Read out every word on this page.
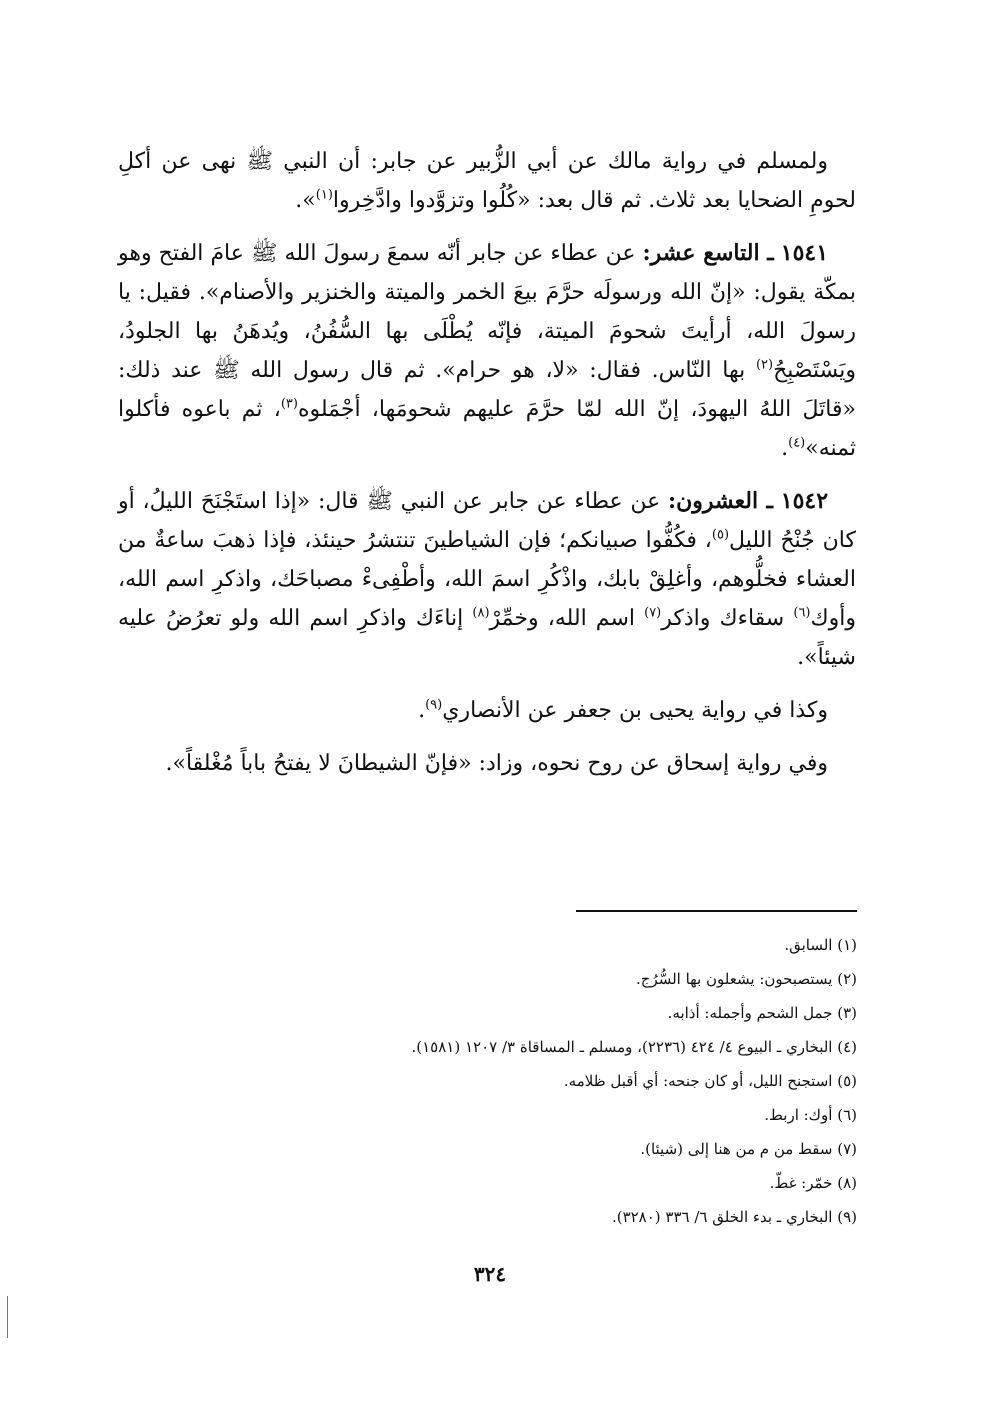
ولمسلم في رواية مالك عن أبي الزُّبير عن جابر: أن النبي ﷺ نهى عن أكلِ لحومِ الضحايا بعد ثلاث. ثم قال بعد: «كُلُوا وتزوَّدوا وادَّخِروا$^{(١)}$».

١٥٤١ ـ التاسع عشر: عن عطاء عن جابر أنّه سمعَ رسولَ الله ﷺ عامَ الفتح وهو بمكّة يقول: «إنّ الله ورسولَه حرَّمَ بيعَ الخمر والميتة والخنزير والأصنام». فقيل: يا رسولَ الله، أرأيتَ شحومَ الميتة، فإنّه يُطْلَى بها السُّفُنُ، ويُدهَنُ بها الجلودُ، ويَسْتَصْبِحُ$^{(٢)}$ بها النّاس. فقال: «لا، هو حرام». ثم قال رسول الله ﷺ عند ذلك: «قاتَلَ اللهُ اليهودَ، إنّ الله لمّا حرَّمَ عليهم شحومَها، أجْمَلوه$^{(٣)}$، ثم باعوه فأكلوا ثمنه»$^{(٤)}$.

١٥٤٢ ـ العشرون: عن عطاء عن جابر عن النبي ﷺ قال: «إذا استَجْنَحَ الليلُ، أو كان جُنْحُ الليل$^{(٥)}$، فكُفُّوا صبيانكم؛ فإن الشياطينَ تنتشرُ حينئذ، فإذا ذهبَ ساعةٌ من العشاء فخلُّوهم، وأغلِقْ بابك، واذْكُرِ اسمَ الله، وأطْفِىءْ مصباحَك، واذكرِ اسم الله، وأوك$^{(٦)}$ سقاءك واذكر$^{(٧)}$ اسم الله، وخمِّرْ$^{(٨)}$ إناءَك واذكرِ اسم الله ولو تعرُضُ عليه شيئاً».

وكذا في رواية يحيى بن جعفر عن الأنصاري$^{(٩)}$.

وفي رواية إسحاق عن روح نحوه، وزاد: «فإنّ الشيطانَ لا يفتحُ باباً مُغْلقاً».

(١) السابق.
(٢) يستصبحون: يشعلون بها السُّرُج.
(٣) جمل الشحم وأجمله: أذابه.
(٤) البخاري ـ البيوع ٤/ ٤٢٤ (٢٢٣٦)، ومسلم ـ المساقاة ٣/ ١٢٠٧ (١٥٨١).
(٥) استجنح الليل، أو كان جنحه: أي أقبل ظلامه.
(٦) أوك: اربط.
(٧) سقط من م من هنا إلى (شيئا).
(٨) خمّر: غطّ.
(٩) البخاري ـ بدء الخلق ٦/ ٣٣٦ (٣٢٨٠).
٣٢٤
